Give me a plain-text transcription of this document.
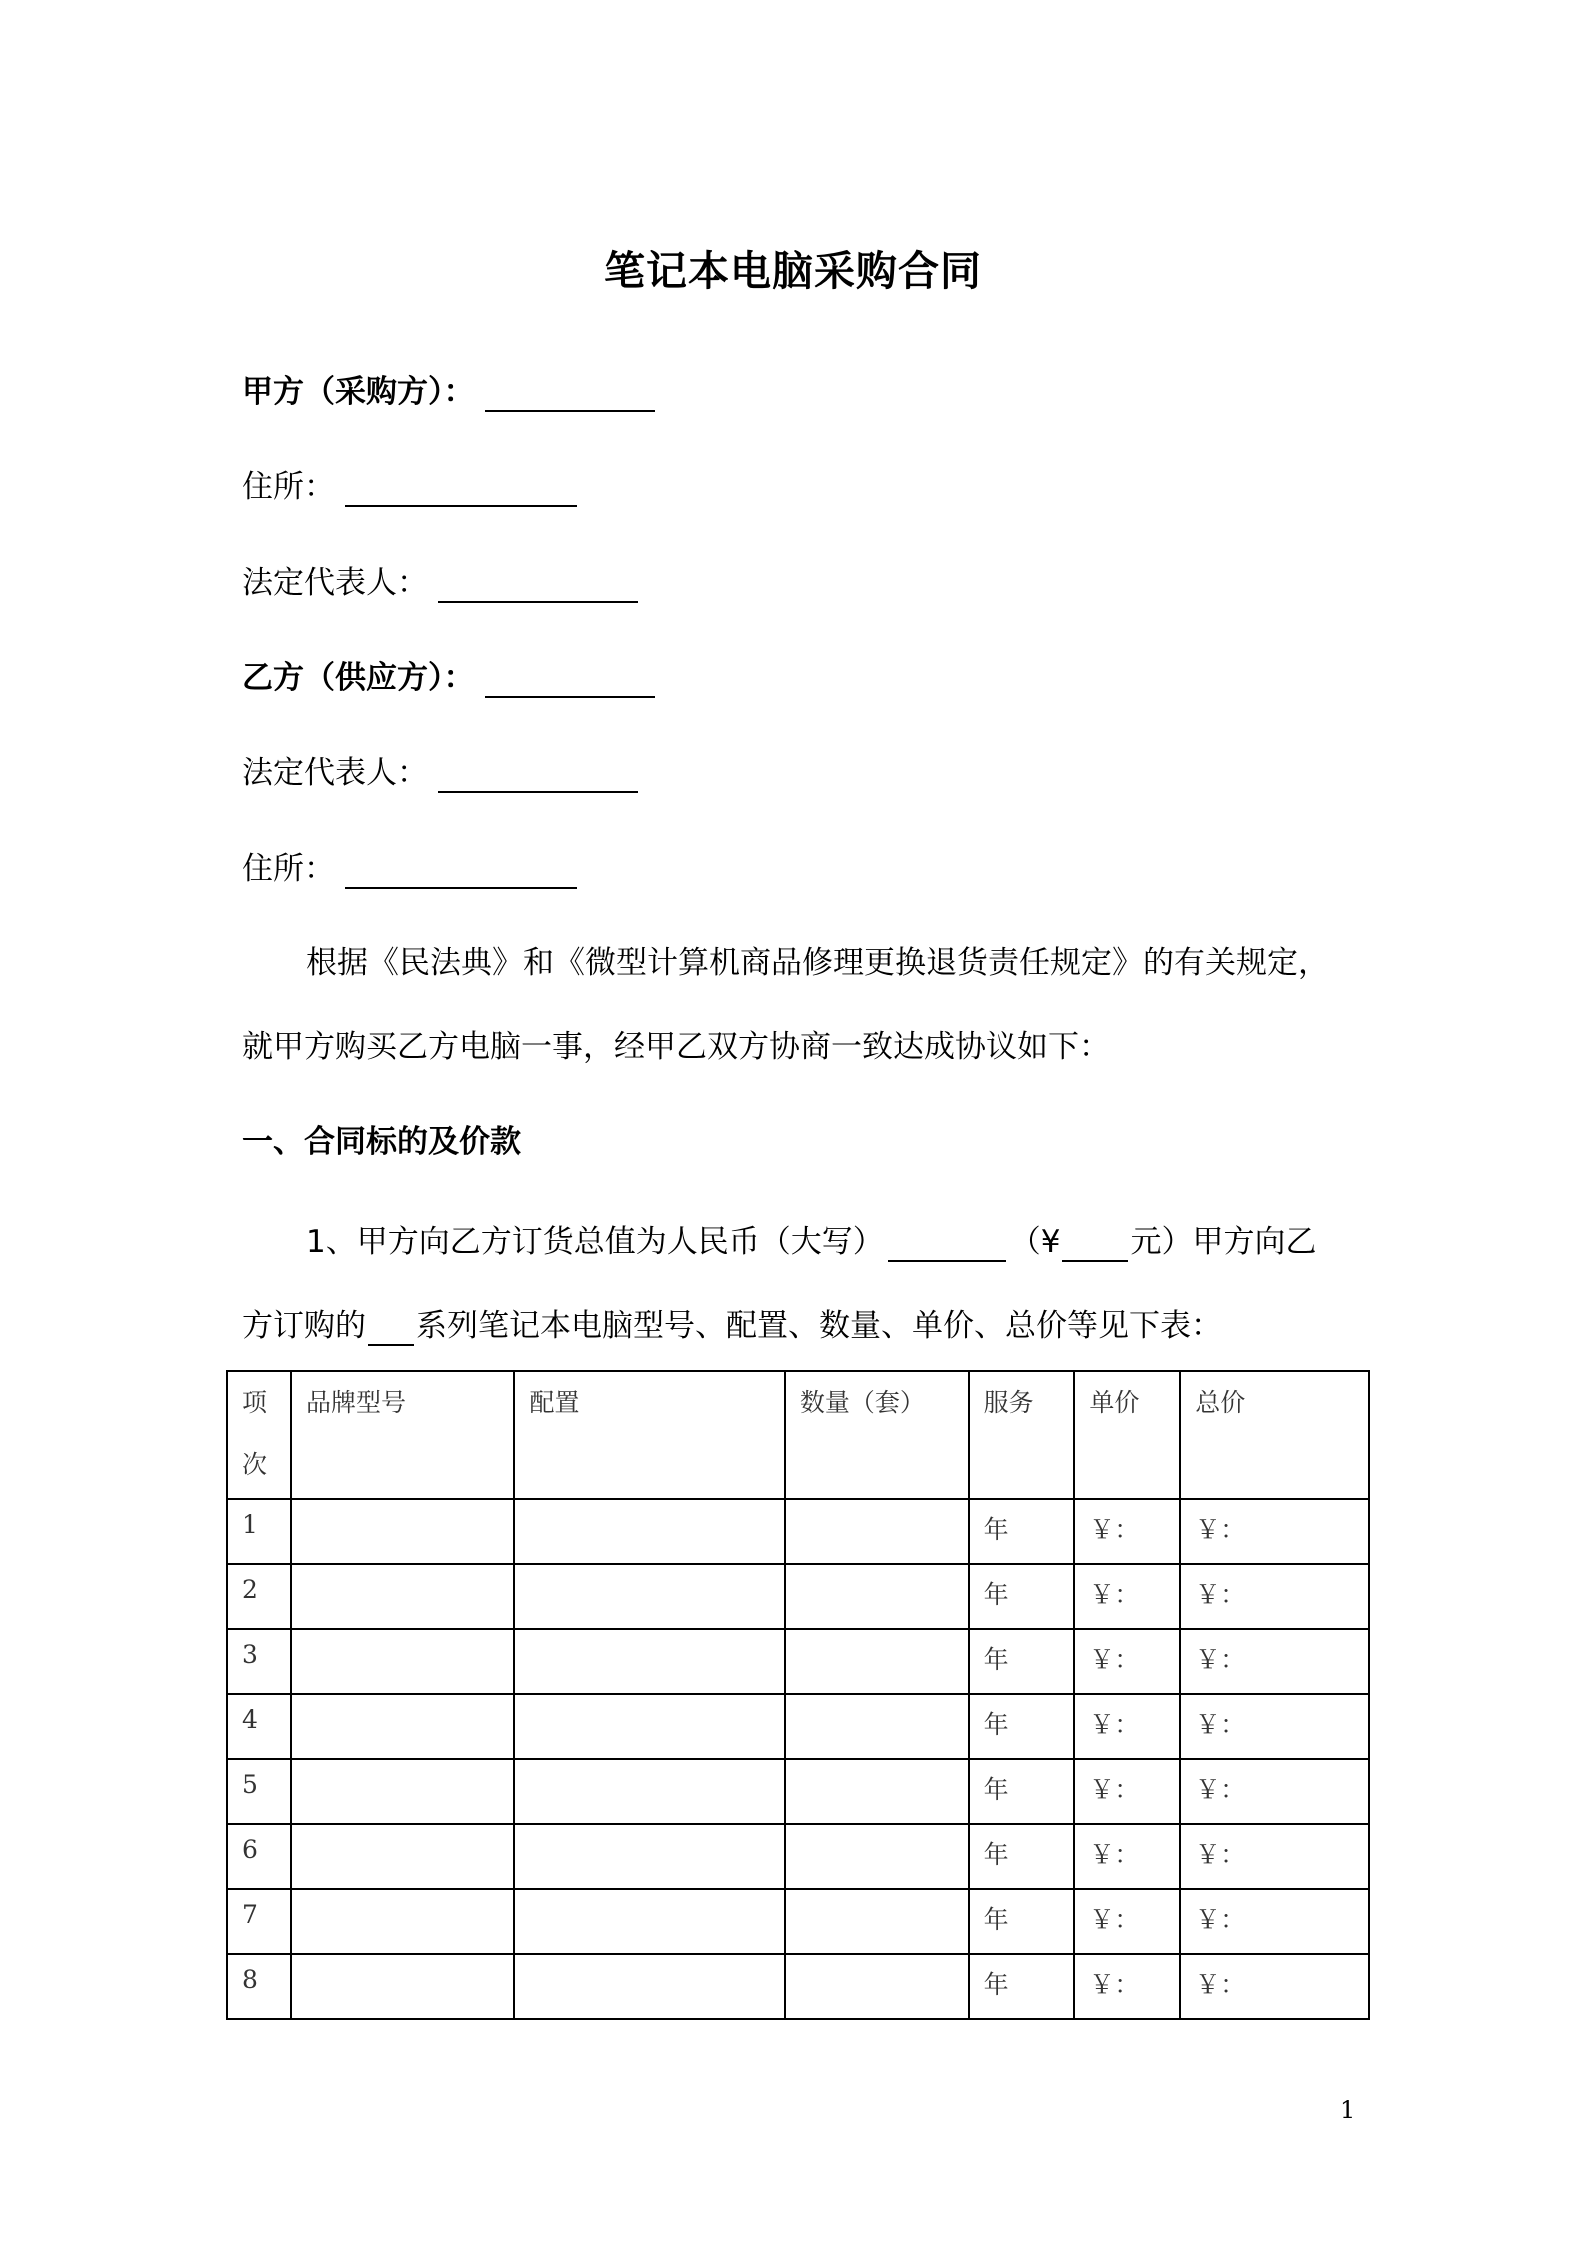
笔记本电脑采购合同
甲方（采购方）：
住所：
法定代表人：
乙方（供应方）：
法定代表人：
住所：
根据《民法典》和《微型计算机商品修理更换退货责任规定》的有关规定，
就甲方购买乙方电脑一事，经甲乙双方协商一致达成协议如下：
一、合同标的及价款
1、甲方向乙方订货总值为人民币（大写）	（¥ 元）甲方向乙
方订购的 系列笔记本电脑型号、配置、数量、单价、总价等见下表：
项次	品牌型号	配置	数量（套）	服务	单价	总价
1				年	￥：	￥：
2				年	￥：	￥：
3				年	￥：	￥：
4				年	￥：	￥：
5				年	￥：	￥：
6				年	￥：	￥：
7				年	￥：	￥：
8				年	￥：	￥：
1
